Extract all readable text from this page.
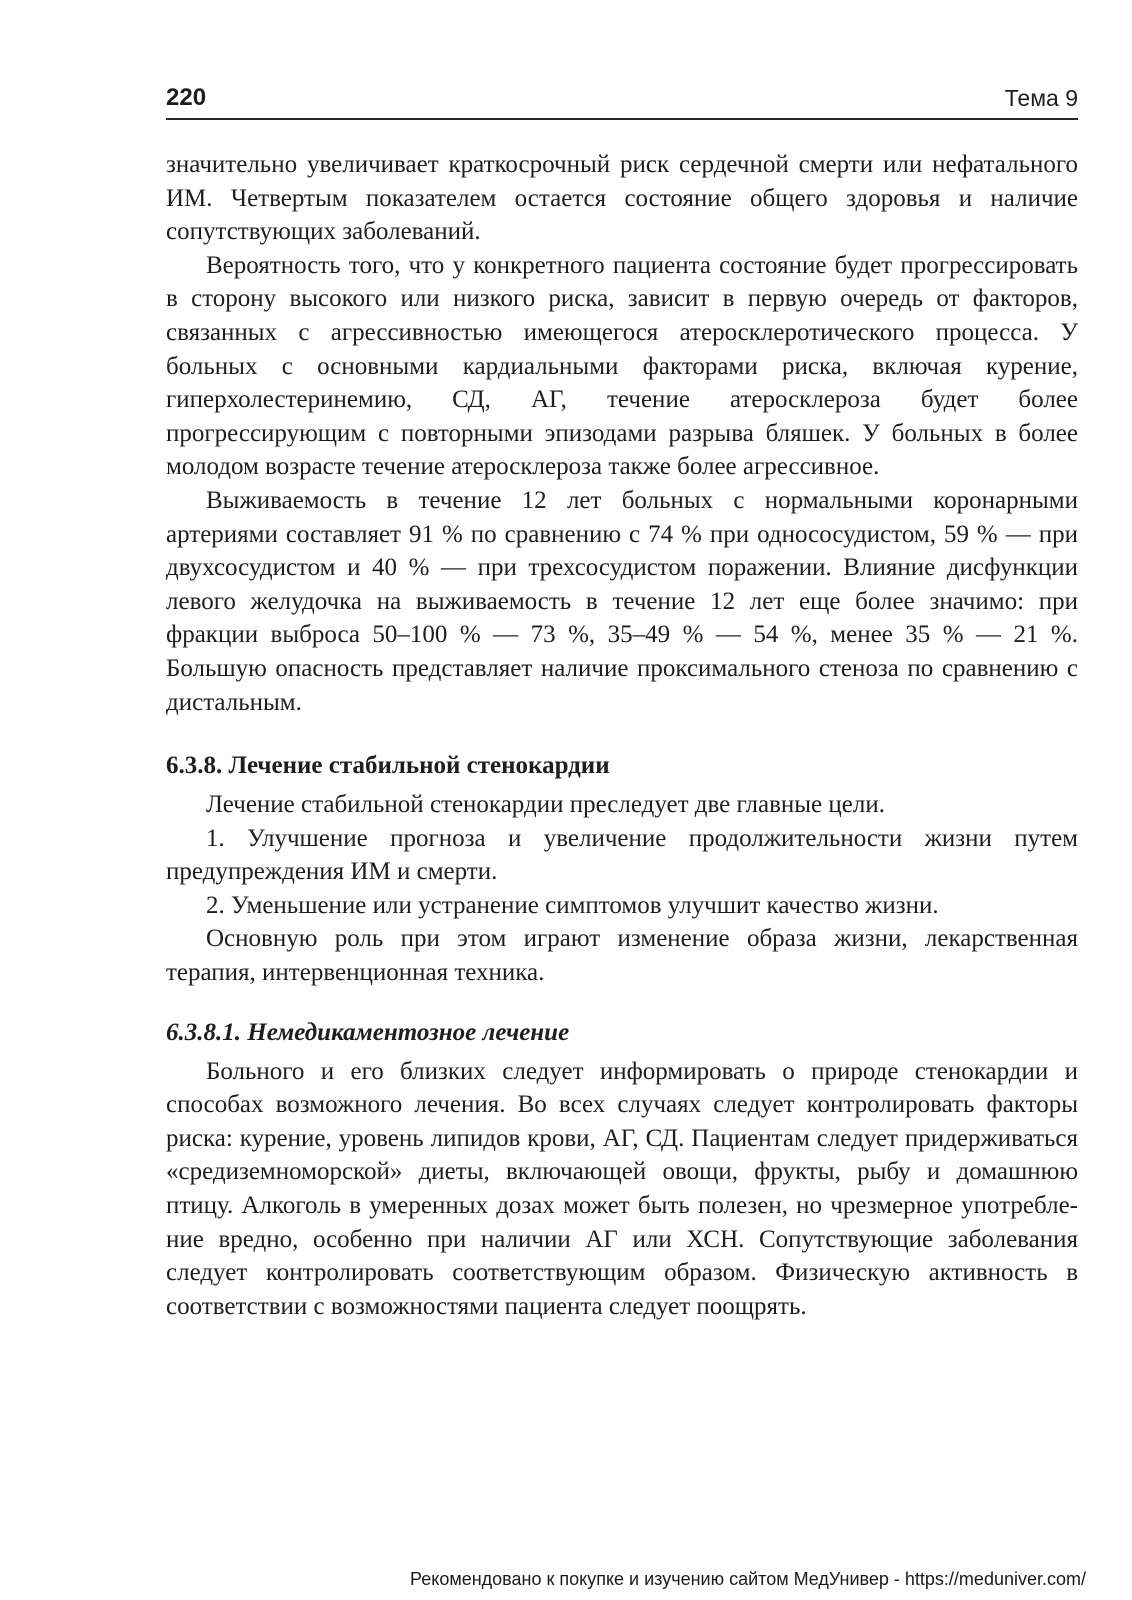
220	Тема 9

значительно увеличивает краткосрочный риск сердечной смерти или нефатального ИМ. Четвертым показателем остается состояние общего здоровья и наличие сопутствующих заболеваний.

Вероятность того, что у конкретного пациента состояние будет прогрессировать в сторону высокого или низкого риска, зависит в первую очередь от факторов, связанных с агрессивностью имеющегося атеросклеротического процесса. У больных с основными кардиальными факторами риска, включая курение, гиперхолестеринемию, СД, АГ, течение атеросклероза будет более прогрессирующим с повторными эпизодами разрыва бляшек. У больных в более молодом возрасте течение атеросклероза также более агрессивное.

Выживаемость в течение 12 лет больных с нормальными коронарными артериями составляет 91 % по сравнению с 74 % при однососудистом, 59 % — при двухсосудистом и 40 % — при трехсосудистом поражении. Влияние дисфункции левого желудочка на выживаемость в течение 12 лет еще более значимо: при фракции выброса 50–100 % — 73 %, 35–49 % — 54 %, менее 35 % — 21 %. Большую опасность представляет наличие проксимального стеноза по сравнению с дистальным.

6.3.8. Лечение стабильной стенокардии

Лечение стабильной стенокардии преследует две главные цели.

1. Улучшение прогноза и увеличение продолжительности жизни путем предупреждения ИМ и смерти.

2. Уменьшение или устранение симптомов улучшит качество жизни.

Основную роль при этом играют изменение образа жизни, лекарственная терапия, интервенционная техника.

6.3.8.1. Немедикаментозное лечение

Больного и его близких следует информировать о природе стенокардии и способах возможного лечения. Во всех случаях следует контролировать факторы риска: курение, уровень липидов крови, АГ, СД. Пациентам следует придерживаться «средиземноморской» диеты, включающей овощи, фрукты, рыбу и домашнюю птицу. Алкоголь в умеренных дозах может быть полезен, но чрезмерное употребление вредно, особенно при наличии АГ или ХСН. Сопутствующие заболевания следует контролировать соответствующим образом. Физическую активность в соответствии с возможностями пациента следует поощрять.

Рекомендовано к покупке и изучению сайтом МедУнивер - https://meduniver.com/
